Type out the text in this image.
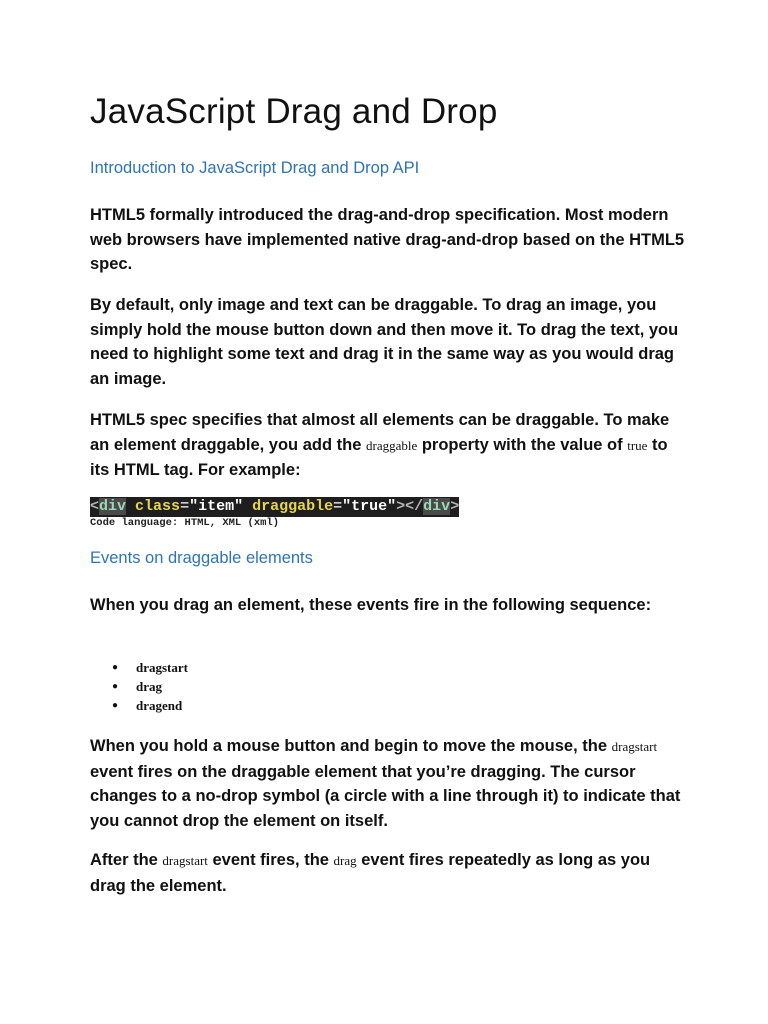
JavaScript Drag and Drop
Introduction to JavaScript Drag and Drop API

HTML5 formally introduced the drag-and-drop specification. Most modern web browsers have implemented native drag-and-drop based on the HTML5 spec.

By default, only image and text can be draggable. To drag an image, you simply hold the mouse button down and then move it. To drag the text, you need to highlight some text and drag it in the same way as you would drag an image.

HTML5 spec specifies that almost all elements can be draggable. To make an element draggable, you add the draggable property with the value of true to its HTML tag. For example:

<div class="item" draggable="true"></div>
Code language: HTML, XML (xml)
Events on draggable elements

When you drag an element, these events fire in the following sequence:

● dragstart
● drag
● dragend

When you hold a mouse button and begin to move the mouse, the dragstart event fires on the draggable element that you’re dragging. The cursor changes to a no-drop symbol (a circle with a line through it) to indicate that you cannot drop the element on itself.

After the dragstart event fires, the drag event fires repeatedly as long as you drag the element.
